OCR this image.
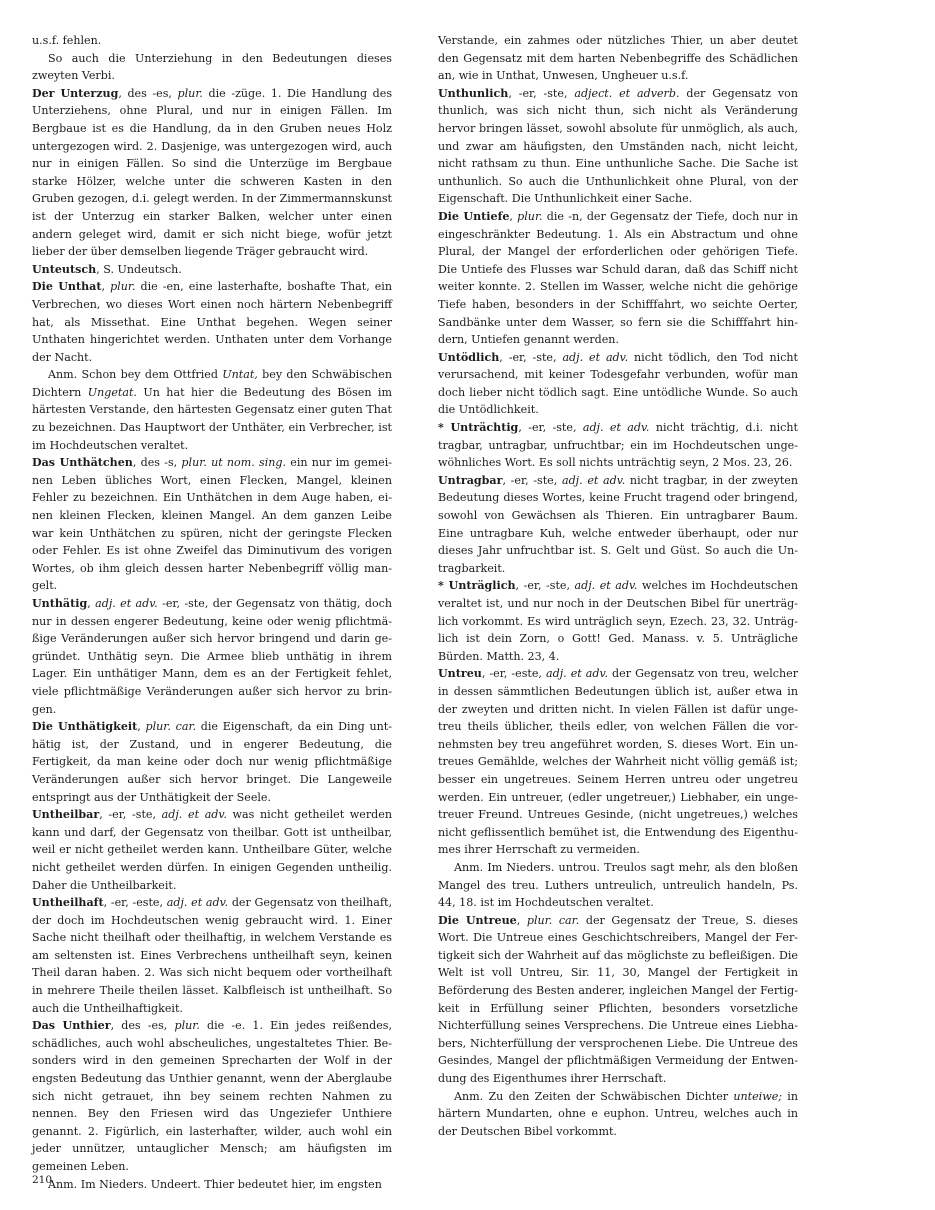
u.s.f. fehlen.

So auch die Unterziehung in den Bedeutungen dieses zweyten Verbi.

Der Unterzug, des -es, plur. die -züge. 1. Die Handlung des Unterziehens, ohne Plural, und nur in einigen Fällen. Im Bergbaue ist es die Handlung, da in den Gruben neues Holz untergezogen wird. 2. Dasjenige, was untergezogen wird, auch nur in einigen Fällen. So sind die Unterzüge im Bergbaue starke Hölzer, welche unter die schweren Kasten in den Gruben gezogen, d.i. gelegt werden. In der Zimmermannskunst ist der Unterzug ein starker Balken, welcher unter einen andern geleget wird, damit er sich nicht biege, wofür jetzt lieber der über demselben liegende Träger gebraucht wird.

Unteutsch, S. Undeutsch.

Die Unthat, plur. die -en, eine lasterhafte, boshafte That, ein Verbrechen, wo dieses Wort einen noch härtern Nebenbegriff hat, als Missethat. Eine Unthat begehen. Wegen seiner Unthaten hingerichtet werden. Unthaten unter dem Vorhange der Nacht.

Anm. Schon bey dem Ottfried Untat, bey den Schwäbischen Dichtern Ungetat. Un hat hier die Bedeutung des Bösen im härtesten Verstande, den härtesten Gegensatz einer guten That zu bezeichnen. Das Hauptwort der Unthäter, ein Verbrecher, ist im Hochdeutschen veraltet.

Das Unthätchen, des -s, plur. ut nom. sing. ein nur im gemeinen Leben übliches Wort, einen Flecken, Mangel, kleinen Fehler zu bezeichnen. Ein Unthätchen in dem Auge haben, einen kleinen Flecken, kleinen Mangel. An dem ganzen Leibe war kein Unthätchen zu spüren, nicht der geringste Flecken oder Fehler. Es ist ohne Zweifel das Diminutivum des vorigen Wortes, ob ihm gleich dessen harter Nebenbegriff völlig mangelt.

Unthätig, adj. et adv. -er, -ste, der Gegensatz von thätig, doch nur in dessen engerer Bedeutung, keine oder wenig pflichtmäßige Veränderungen außer sich hervor bringend und darin gegründet. Unthätig seyn. Die Armee blieb unthätig in ihrem Lager. Ein unthätiger Mann, dem es an der Fertigkeit fehlet, viele pflichtmäßige Veränderungen außer sich hervor zu bringen.

Die Unthätigkeit, plur. car. die Eigenschaft, da ein Ding unthätig ist, der Zustand, und in engerer Bedeutung, die Fertigkeit, da man keine oder doch nur wenig pflichtmäßige Veränderungen außer sich hervor bringet. Die Langeweile entspringt aus der Unthätigkeit der Seele.

Untheilbar, -er, -ste, adj. et adv. was nicht getheilet werden kann und darf, der Gegensatz von theilbar. Gott ist untheilbar, weil er nicht getheilet werden kann. Untheilbare Güter, welche nicht getheilet werden dürfen. In einigen Gegenden untheilig. Daher die Untheilbarkeit.

Untheilhaft, -er, -este, adj. et adv. der Gegensatz von theilhaft, der doch im Hochdeutschen wenig gebraucht wird. 1. Einer Sache nicht theilhaft oder theilhaftig, in welchem Verstande es am seltensten ist. Eines Verbrechens untheilhaft seyn, keinen Theil daran haben. 2. Was sich nicht bequem oder vortheilhaft in mehrere Theile theilen lässet. Kalbfleisch ist untheilhaft. So auch die Untheilhaftigkeit.

Das Unthier, des -es, plur. die -e. 1. Ein jedes reißendes, schädliches, auch wohl abscheuliches, ungestaltetes Thier. Besonders wird in den gemeinen Sprecharten der Wolf in der engsten Bedeutung das Unthier genannt, wenn der Aberglaube sich nicht getrauet, ihn bey seinem rechten Nahmen zu nennen. Bey den Friesen wird das Ungeziefer Unthiere genannt. 2. Figürlich, ein lasterhafter, wilder, auch wohl ein jeder unnützer, untauglicher Mensch; am häufigsten im gemeinen Leben.

Anm. Im Nieders. Undeert. Thier bedeutet hier, im engsten

Verstande, ein zahmes oder nützliches Thier, un aber deutet den Gegensatz mit dem harten Nebenbegriffe des Schädlichen an, wie in Unthat, Unwesen, Ungheuer u.s.f.

Unthunlich, -er, -ste, adject. et adverb. der Gegensatz von thunlich, was sich nicht thun, sich nicht als Veränderung hervor bringen lässet, sowohl absolute für unmöglich, als auch, und zwar am häufigsten, den Umständen nach, nicht leicht, nicht rathsam zu thun. Eine unthunliche Sache. Die Sache ist unthunlich. So auch die Unthunlichkeit ohne Plural, von der Eigenschaft. Die Unthunlichkeit einer Sache.

Die Untiefe, plur. die -n, der Gegensatz der Tiefe, doch nur in eingeschränkter Bedeutung. 1. Als ein Abstractum und ohne Plural, der Mangel der erforderlichen oder gehörigen Tiefe. Die Untiefe des Flusses war Schuld daran, daß das Schiff nicht weiter konnte. 2. Stellen im Wasser, welche nicht die gehörige Tiefe haben, besonders in der Schifffahrt, wo seichte Oerter, Sandbänke unter dem Wasser, so fern sie die Schifffahrt hindern, Untiefen genannt werden.

Untödlich, -er, -ste, adj. et adv. nicht tödlich, den Tod nicht verursachend, mit keiner Todesgefahr verbunden, wofür man doch lieber nicht tödlich sagt. Eine untödliche Wunde. So auch die Untödlichkeit.

* Unträchtig, -er, -ste, adj. et adv. nicht trächtig, d.i. nicht tragbar, untragbar, unfruchtbar; ein im Hochdeutschen ungewöhnliches Wort. Es soll nichts unträchtig seyn, 2 Mos. 23, 26.

Untragbar, -er, -ste, adj. et adv. nicht tragbar, in der zweyten Bedeutung dieses Wortes, keine Frucht tragend oder bringend, sowohl von Gewächsen als Thieren. Ein untragbarer Baum. Eine untragbare Kuh, welche entweder überhaupt, oder nur dieses Jahr unfruchtbar ist. S. Gelt und Güst. So auch die Untragbarkeit.

* Unträglich, -er, -ste, adj. et adv. welches im Hochdeutschen veraltet ist, und nur noch in der Deutschen Bibel für unerträglich vorkommt. Es wird unträglich seyn, Ezech. 23, 32. Unträglich ist dein Zorn, o Gott! Ged. Manass. v. 5. Unträgliche Bürden. Matth. 23, 4.

Untreu, -er, -este, adj. et adv. der Gegensatz von treu, welcher in dessen sämmtlichen Bedeutungen üblich ist, außer etwa in der zweyten und dritten nicht. In vielen Fällen ist dafür ungetreu theils üblicher, theils edler, von welchen Fällen die vornehmsten bey treu angeführet worden, S. dieses Wort. Ein untreues Gemählde, welches der Wahrheit nicht völlig gemäß ist; besser ein ungetreues. Seinem Herren untreu oder ungetreu werden. Ein untreuer, (edler ungetreuer,) Liebhaber, ein ungetreuer Freund. Untreues Gesinde, (nicht ungetreues,) welches nicht geflissentlich bemühet ist, die Entwendung des Eigenthumes ihrer Herrschaft zu vermeiden.

Anm. Im Nieders. untrou. Treulos sagt mehr, als den bloßen Mangel des treu. Luthers untreulich, untreulich handeln, Ps. 44, 18. ist im Hochdeutschen veraltet.

Die Untreue, plur. car. der Gegensatz der Treue, S. dieses Wort. Die Untreue eines Geschichtschreibers, Mangel der Fertigkeit sich der Wahrheit auf das möglichste zu befleißigen. Die Welt ist voll Untreu, Sir. 11, 30, Mangel der Fertigkeit in Beförderung des Besten anderer, ingleichen Mangel der Fertigkeit in Erfüllung seiner Pflichten, besonders vorsetzliche Nichterfüllung seines Versprechens. Die Untreue eines Liebhabers, Nichterfüllung der versprochenen Liebe. Die Untreue des Gesindes, Mangel der pflichtmäßigen Vermeidung der Entwendung des Eigenthumes ihrer Herrschaft.

Anm. Zu den Zeiten der Schwäbischen Dichter unteiwe; in härtern Mundarten, ohne e euphon. Untreu, welches auch in der Deutschen Bibel vorkommt.

210
